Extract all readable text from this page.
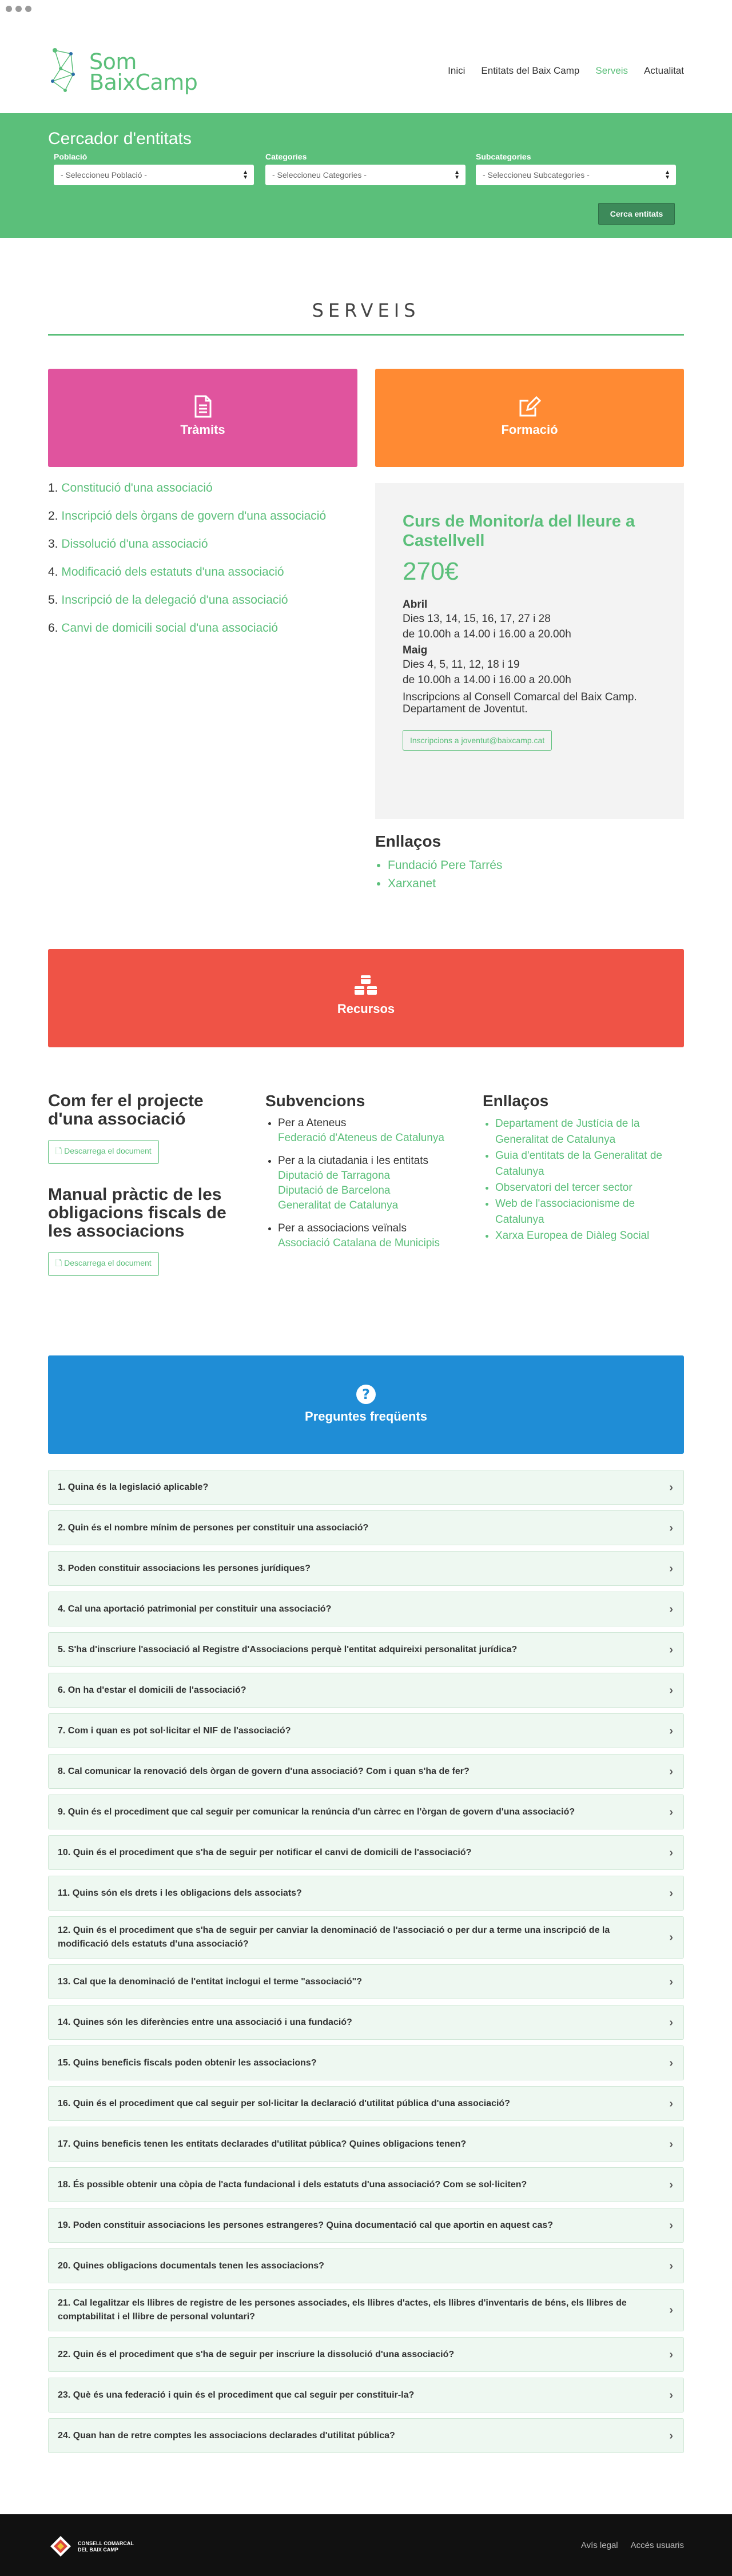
Som
BaixCamp	Inici Entitats del Baix Camp Serveis Actualitat
Cercador d'entitats
Població
- Seleccioneu Població -	▲
▼
Categories
- Seleccioneu Categories -	▲
▼
Subcategories
- Seleccioneu Subcategories -	▲
▼
Cerca entitats
SERVEIS
Tràmits	Formació
1. Constitució d'una associació
2. Inscripció dels òrgans de govern d'una associació
3. Dissolució d'una associació
4. Modificació dels estatuts d'una associació
5. Inscripció de la delegació d'una associació
6. Canvi de domicili social d'una associació
Curs de Monitor/a del lleure a Castellvell
270€
Abril

Dies 13, 14, 15, 16, 17, 27 i 28

de 10.00h a 14.00 i 16.00 a 20.00h

Maig

Dies 4, 5, 11, 12, 18 i 19

de 10.00h a 14.00 i 16.00 a 20.00h

Inscripcions al Consell Comarcal del Baix Camp. Departament de Joventut.

Inscripcions a joventut@baixcamp.cat
Enllaços
• Fundació Pere Tarrés
• Xarxanet
Recursos
Com fer el projecte d'una associació
🗋 Descarrega el document
Manual pràctic de les obligacions fiscals de les associacions
🗋 Descarrega el document
Subvencions
• Per a Ateneus
Federació d'Ateneus de Catalunya
• Per a la ciutadania i les entitats
Diputació de Tarragona
Diputació de Barcelona
Generalitat de Catalunya
• Per a associacions veïnals
Associació Catalana de Municipis
Enllaços
• Departament de Justícia de la Generalitat de Catalunya
• Guia d'entitats de la Generalitat de Catalunya
• Observatori del tercer sector
• Web de l'associacionisme de Catalunya
• Xarxa Europea de Diàleg Social
?
Preguntes freqüents
1. Quina és la legislació aplicable?	›
2. Quin és el nombre mínim de persones per constituir una associació?	›
3. Poden constituir associacions les persones jurídiques?	›
4. Cal una aportació patrimonial per constituir una associació?	›
5. S'ha d'inscriure l'associació al Registre d'Associacions perquè l'entitat adquireixi personalitat jurídica?	›
6. On ha d'estar el domicili de l'associació?	›
7. Com i quan es pot sol·licitar el NIF de l'associació?	›
8. Cal comunicar la renovació dels òrgan de govern d'una associació? Com i quan s'ha de fer?	›
9. Quin és el procediment que cal seguir per comunicar la renúncia d'un càrrec en l'òrgan de govern d'una associació?	›
10. Quin és el procediment que s'ha de seguir per notificar el canvi de domicili de l'associació?	›
11. Quins són els drets i les obligacions dels associats?	›
12. Quin és el procediment que s'ha de seguir per canviar la denominació de l'associació o per dur a terme una inscripció de la modificació dels estatuts d'una associació?
›
13. Cal que la denominació de l'entitat inclogui el terme "associació"?	›
14. Quines són les diferències entre una associació i una fundació?	›
15. Quins beneficis fiscals poden obtenir les associacions?	›
16. Quin és el procediment que cal seguir per sol·licitar la declaració d'utilitat pública d'una associació?	›
17. Quins beneficis tenen les entitats declarades d'utilitat pública? Quines obligacions tenen?	›
18. És possible obtenir una còpia de l'acta fundacional i dels estatuts d'una associació? Com se sol·liciten?	›
19. Poden constituir associacions les persones estrangeres? Quina documentació cal que aportin en aquest cas?	›
20. Quines obligacions documentals tenen les associacions?	›
21. Cal legalitzar els llibres de registre de les persones associades, els llibres d'actes, els llibres d'inventaris de béns, els llibres de comptabilitat i el llibre de personal voluntari?
›
22. Quin és el procediment que s'ha de seguir per inscriure la dissolució d'una associació?	›
23. Què és una federació i quin és el procediment que cal seguir per constituir-la?	›
24. Quan han de retre comptes les associacions declarades d'utilitat pública?	›
CONSELL COMARCAL DEL BAIX CAMP	Avís legal Accés usuaris
